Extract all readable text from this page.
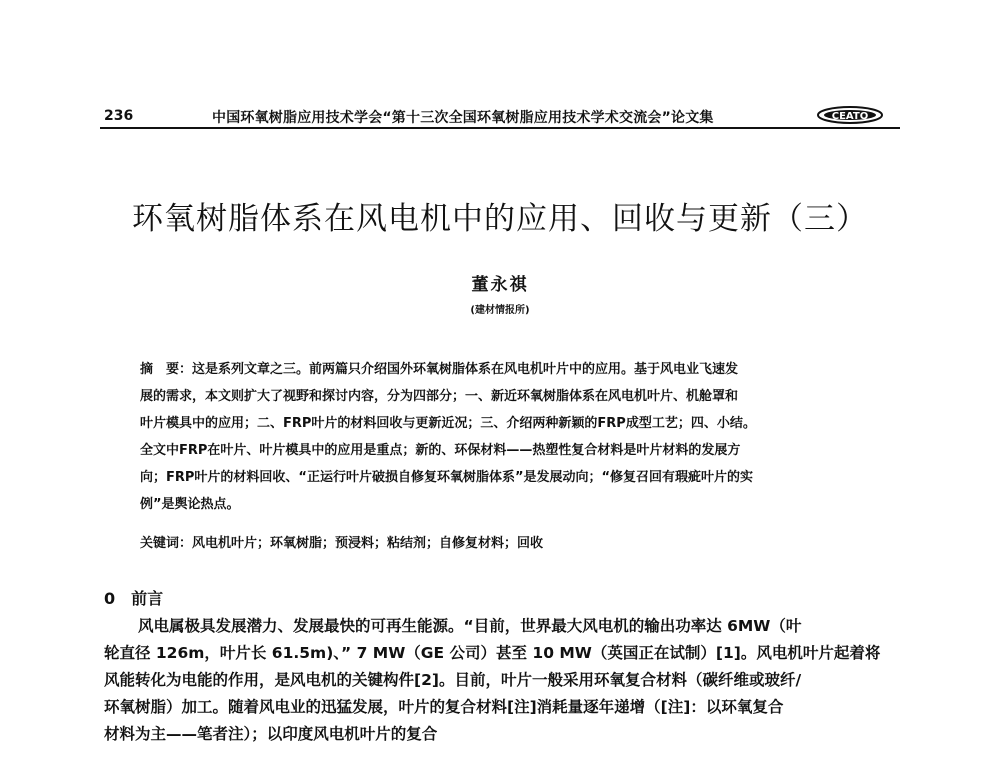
236	中国环氧树脂应用技术学会“第十三次全国环氧树脂应用技术学术交流会”论文集	CEATO
环氧树脂体系在风电机中的应用、回收与更新（三）
董永祺
(建材情报所)
摘　要：这是系列文章之三。前两篇只介绍国外环氧树脂体系在风电机叶片中的应用。基于风电业飞速发
展的需求，本文则扩大了视野和探讨内容，分为四部分；一、新近环氧树脂体系在风电机叶片、机舱罩和
叶片模具中的应用；二、FRP叶片的材料回收与更新近况；三、介绍两种新颖的FRP成型工艺；四、小结。
全文中FRP在叶片、叶片模具中的应用是重点；新的、环保材料——热塑性复合材料是叶片材料的发展方
向；FRP叶片的材料回收、“正运行叶片破损自修复环氧树脂体系”是发展动向；“修复召回有瑕疵叶片的实
例”是舆论热点。
关键词：风电机叶片；环氧树脂；预浸料；粘结剂；自修复材料；回收
0　前言
风电属极具发展潜力、发展最快的可再生能源。“目前，世界最大风电机的输出功率达 6MW（叶
轮直径 126m，叶片长 61.5m)、” 7 MW（GE 公司）甚至 10 MW（英国正在试制）[1]。风电机叶片起着将
风能转化为电能的作用，是风电机的关键构件[2]。目前，叶片一般采用环氧复合材料（碳纤维或玻纤/
环氧树脂）加工。随着风电业的迅猛发展，叶片的复合材料[注]消耗量逐年递增（[注]：以环氧复合
材料为主——笔者注）；以印度风电机叶片的复合
